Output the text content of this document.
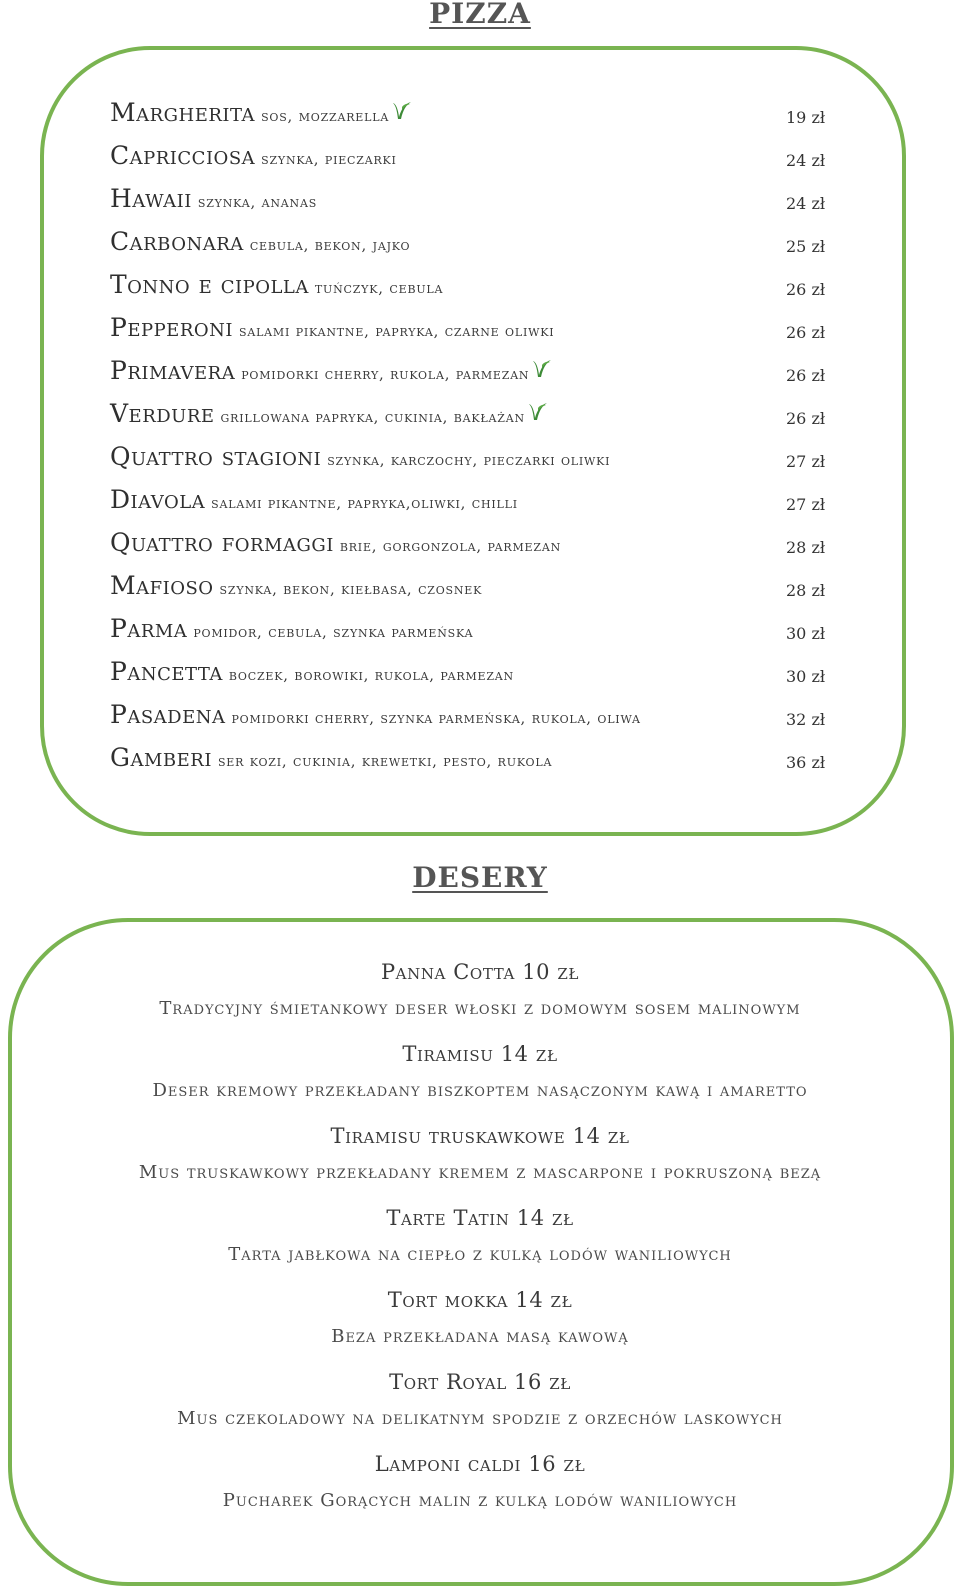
PIZZA
Margherita sos, mozzarella	19 zł
Capricciosa szynka, pieczarki	24 zł
Hawaii szynka, ananas	24 zł
Carbonara cebula, bekon, jajko	25 zł
Tonno e cipolla tuńczyk, cebula	26 zł
Pepperoni salami pikantne, papryka, czarne oliwki	26 zł
Primavera pomidorki cherry, rukola, parmezan	26 zł
Verdure grillowana papryka, cukinia, bakłażan	26 zł
Quattro stagioni szynka, karczochy, pieczarki oliwki	27 zł
Diavola salami pikantne, papryka,oliwki, chilli	27 zł
Quattro formaggi brie, gorgonzola, parmezan	28 zł
Mafioso szynka, bekon, kiełbasa, czosnek	28 zł
Parma pomidor, cebula, szynka parmeńska	30 zł
Pancetta boczek, borowiki, rukola, parmezan	30 zł
Pasadena pomidorki cherry, szynka parmeńska, rukola, oliwa	32 zł
Gamberi ser kozi, cukinia, krewetki, pesto, rukola	36 zł
DESERY
Panna Cotta 10 zł
Tradycyjny śmietankowy deser włoski z domowym sosem malinowym
Tiramisu 14 zł
Deser kremowy przekładany biszkoptem nasączonym kawą i amaretto
Tiramisu truskawkowe 14 zł
Mus truskawkowy przekładany kremem z mascarpone i pokruszoną bezą
Tarte Tatin 14 zł
Tarta jabłkowa na ciepło z kulką lodów waniliowych
Tort mokka 14 zł
Beza przekładana masą kawową
Tort Royal 16 zł
Mus czekoladowy na delikatnym spodzie z orzechów laskowych
Lamponi caldi 16 zł
Pucharek Gorących malin z kulką lodów waniliowych
